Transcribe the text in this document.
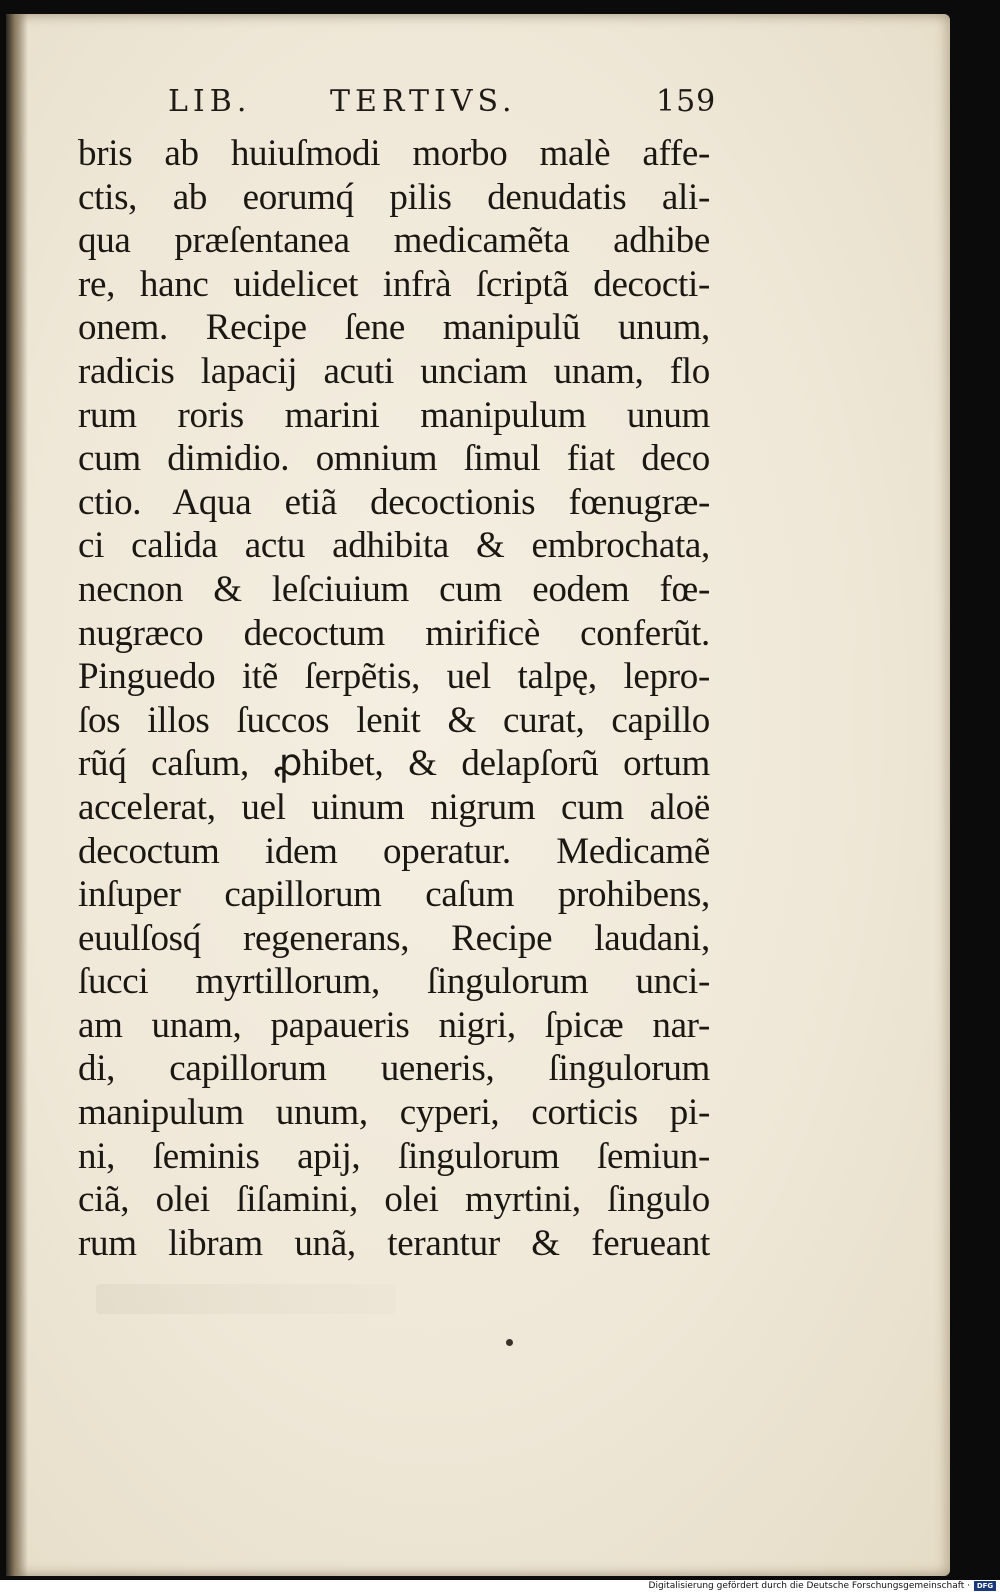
LIB.	TERTIVS.	159
bris ab huiuſmodi morbo malè affe-
ctis, ab eorumq́ pilis denudatis ali-
qua præſentanea medicamẽta adhibe
re, hanc uidelicet infrà ſcriptã decocti-
onem. Recipe ſene manipulũ unum,
radicis lapacij acuti unciam unam, flo
rum roris marini manipulum unum
cum dimidio. omnium ſimul fiat deco
ctio. Aqua etiã decoctionis fœnugræ-
ci calida actu adhibita & embrochata,
necnon & leſciuium cum eodem fœ-
nugræco decoctum mirificè conferũt.
Pinguedo itẽ ſerpẽtis, uel talpę, lepro-
ſos illos ſuccos lenit & curat, capillo
rũq́ caſum, ꝓhibet, & delapſorũ ortum
accelerat, uel uinum nigrum cum aloë
decoctum idem operatur. Medicamẽ
inſuper capillorum caſum prohibens,
euulſosq́ regenerans, Recipe laudani,
ſucci myrtillorum, ſingulorum unci-
am unam, papaueris nigri, ſpicæ nar-
di, capillorum ueneris, ſingulorum
manipulum unum, cyperi, corticis pi-
ni, ſeminis apij, ſingulorum ſemiun-
ciã, olei ſiſamini, olei myrtini, ſingulo
rum libram unã, terantur & ferueant
Digitalisierung gefördert durch die Deutsche Forschungsgemeinschaft · DFG
